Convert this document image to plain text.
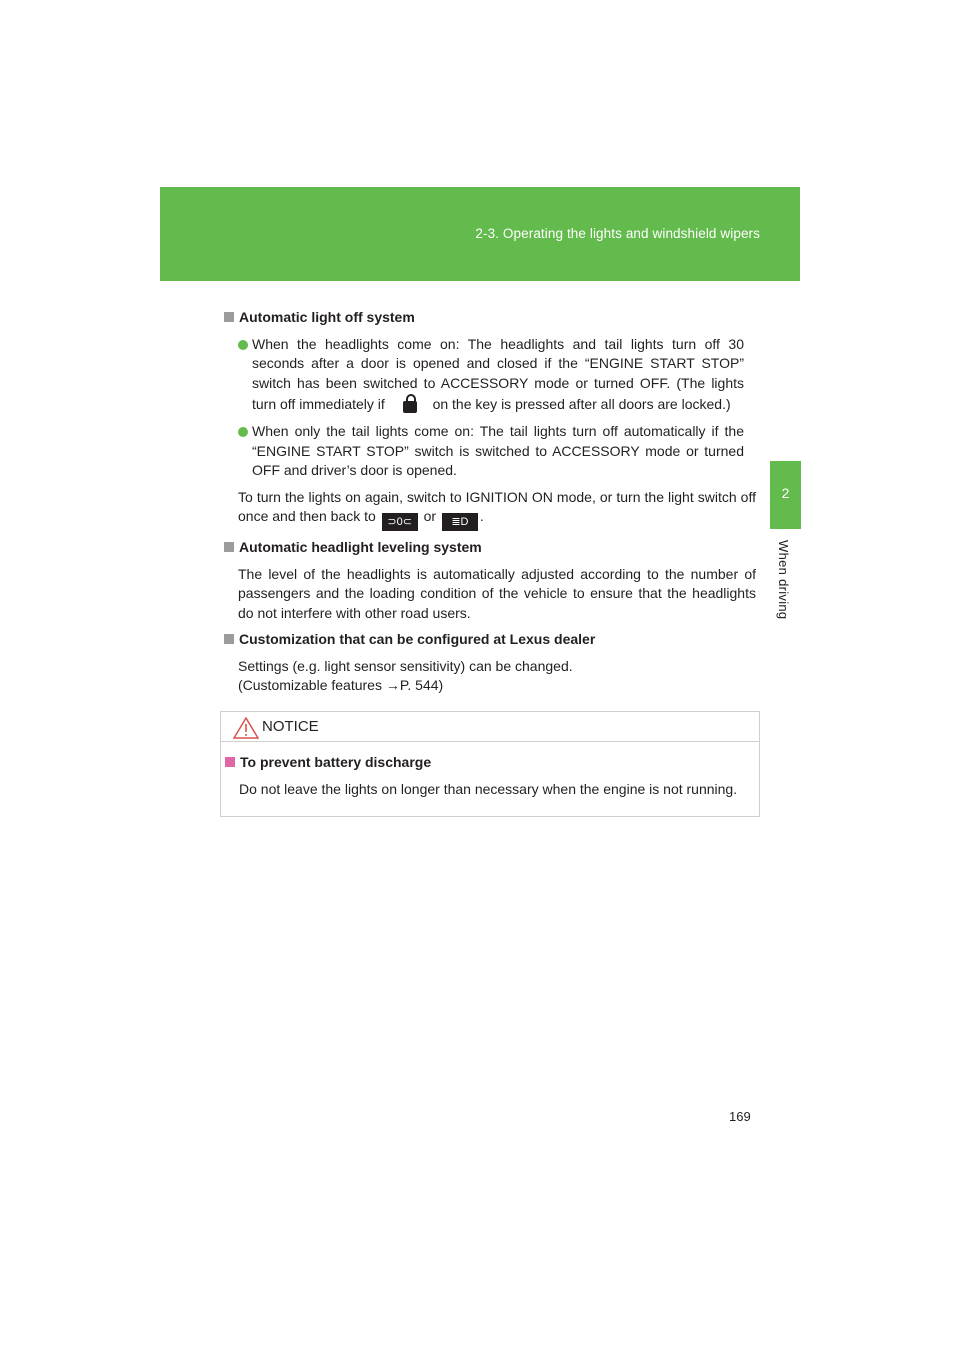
2-3. Operating the lights and windshield wipers
2
When driving
Automatic light off system
When the headlights come on: The headlights and tail lights turn off 30 seconds after a door is opened and closed if the “ENGINE START STOP” switch has been switched to ACCESSORY mode or turned OFF. (The lights turn off immediately if	on the key is pressed after all doors are locked.)
When only the tail lights come on: The tail lights turn off automatically if the “ENGINE START STOP” switch is switched to ACCESSORY mode or turned OFF and driver’s door is opened.
To turn the lights on again, switch to IGNITION ON mode, or turn the light switch off once and then back to ⊃0⊂ or ≣D .
Automatic headlight leveling system
The level of the headlights is automatically adjusted according to the number of passengers and the loading condition of the vehicle to ensure that the headlights do not interfere with other road users.
Customization that can be configured at Lexus dealer
Settings (e.g. light sensor sensitivity) can be changed.
(Customizable features →P. 544)
NOTICE
To prevent battery discharge
Do not leave the lights on longer than necessary when the engine is not running.
169
